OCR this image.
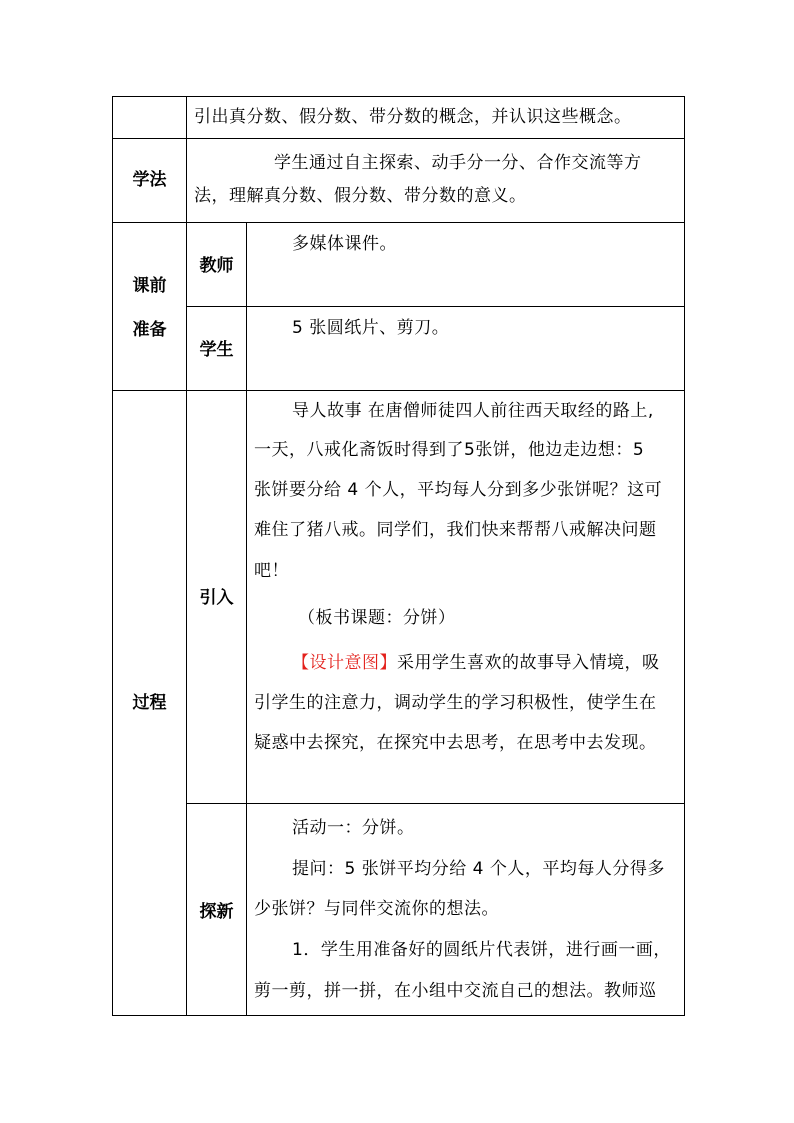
引出真分数、假分数、带分数的概念，并认识这些概念。
学法
学生通过自主探索、动手分一分、合作交流等方
法，理解真分数、假分数、带分数的意义。
课前
准备
教师
多媒体课件。
学生
5 张圆纸片、剪刀。
过程
引入
导人故事 在唐僧师徒四人前往西天取经的路上,
一天，八戒化斋饭时得到了5张饼，他边走边想：5
张饼要分给 4 个人，平均每人分到多少张饼呢？这可
难住了猪八戒。同学们，我们快来帮帮八戒解决问题
吧！
（板书课题：分饼）
【设计意图】采用学生喜欢的故事导入情境，吸
引学生的注意力，调动学生的学习积极性，使学生在
疑惑中去探究，在探究中去思考，在思考中去发现。
探新
活动一：分饼。
提问：5 张饼平均分给 4 个人，平均每人分得多
少张饼？与同伴交流你的想法。
1．学生用准备好的圆纸片代表饼，进行画一画，
剪一剪，拼一拼，在小组中交流自己的想法。教师巡
